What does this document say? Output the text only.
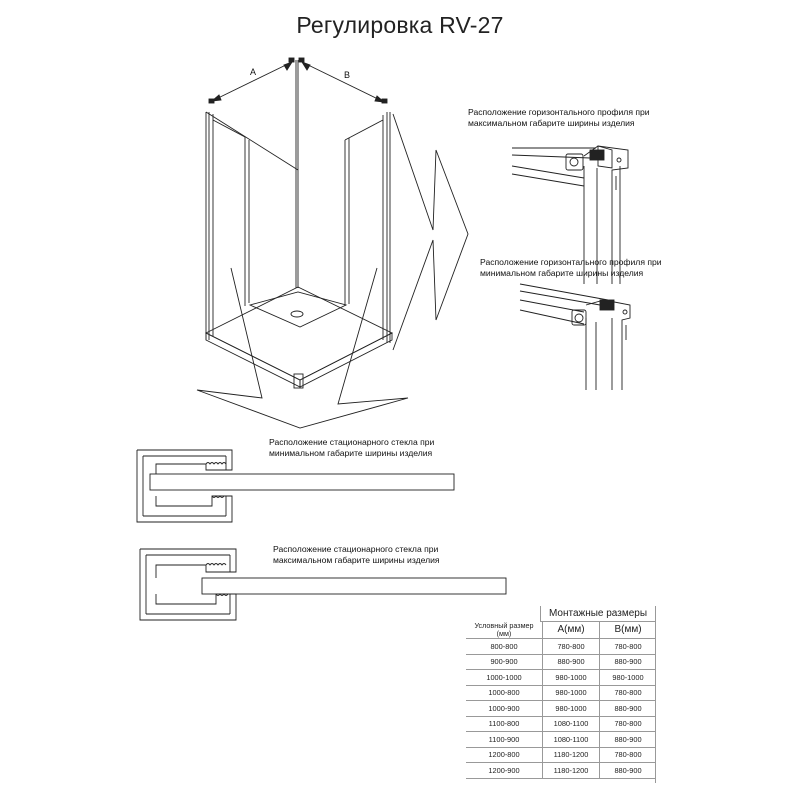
Регулировка RV-27
A	B
Расположение горизонтального профиля при
максимальном габарите ширины изделия
Расположение горизонтального профиля при
минимальном габарите ширины изделия
Расположение стационарного стекла при
минимальном габарите ширины изделия
Расположение стационарного стекла при
максимальном габарите ширины изделия
Монтажные размеры
Условный размер
(мм)	A(мм)	B(мм)
800-800	780-800	780-800
900-900	880-900	880-900
1000-1000	980-1000	980-1000
1000-800	980-1000	780-800
1000-900	980-1000	880-900
1100-800	1080-1100	780-800
1100-900	1080-1100	880-900
1200-800	1180-1200	780-800
1200-900	1180-1200	880-900
